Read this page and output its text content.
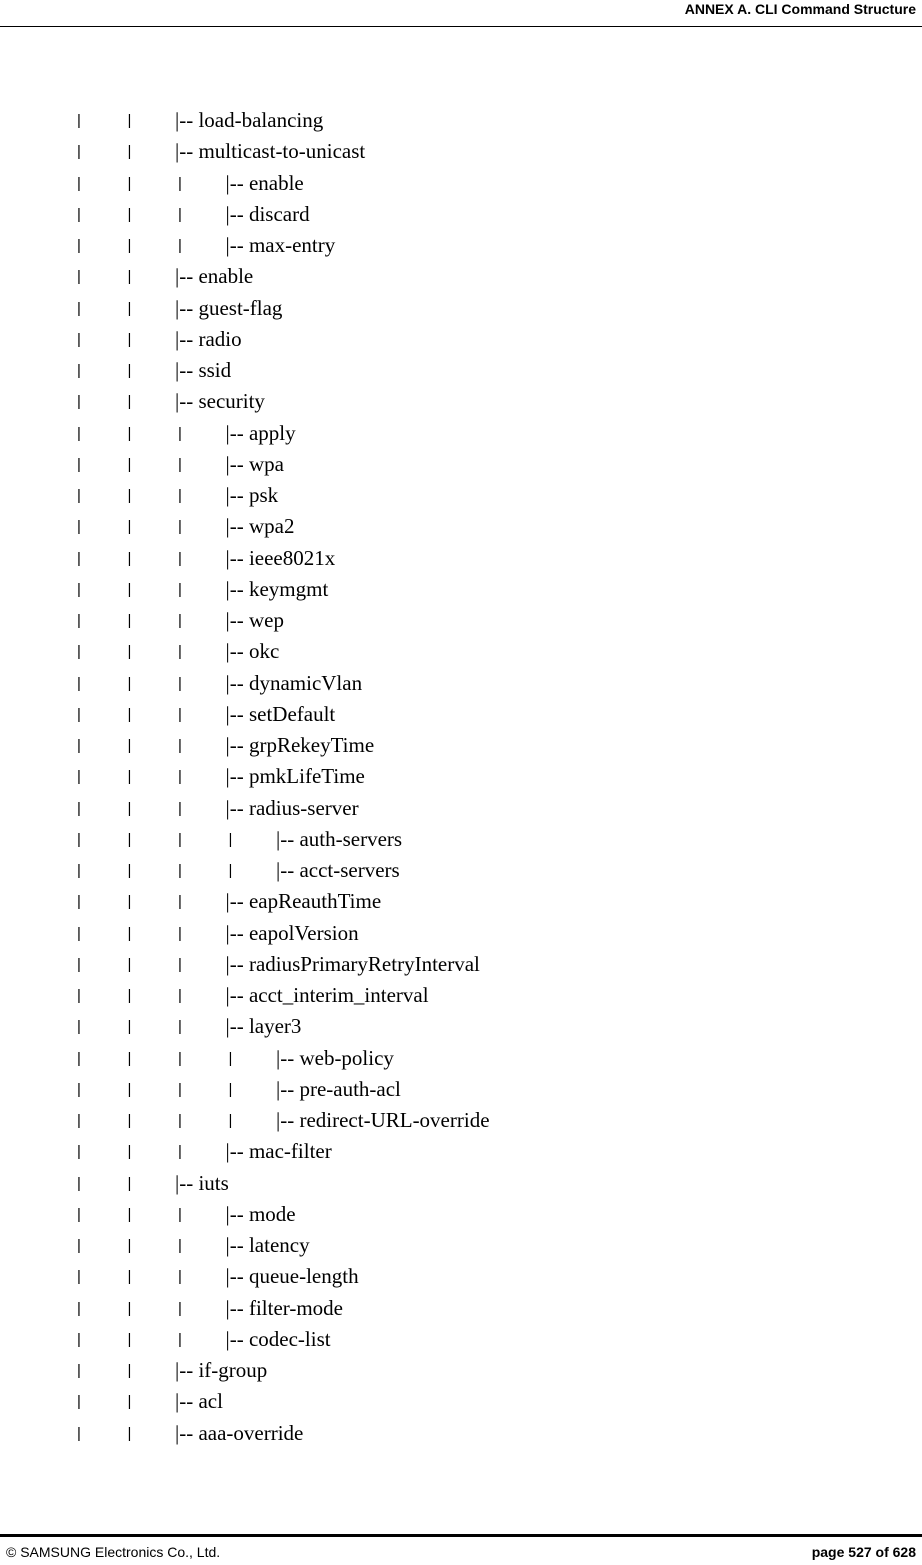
ANNEX A. CLI Command Structure
|	| |-- load-balancing
|	| |-- multicast-to-unicast
|	|	| |-- enable
|	|	| |-- discard
|	|	| |-- max-entry
|	| |-- enable
|	| |-- guest-flag
|	| |-- radio
|	| |-- ssid
|	| |-- security
|	|	| |-- apply
|	|	| |-- wpa
|	|	| |-- psk
|	|	| |-- wpa2
|	|	| |-- ieee8021x
|	|	| |-- keymgmt
|	|	| |-- wep
|	|	| |-- okc
|	|	| |-- dynamicVlan
|	|	| |-- setDefault
|	|	| |-- grpRekeyTime
|	|	| |-- pmkLifeTime
|	|	| |-- radius-server
|	|	|	| |-- auth-servers
|	|	|	| |-- acct-servers
|	|	| |-- eapReauthTime
|	|	| |-- eapolVersion
|	|	| |-- radiusPrimaryRetryInterval
|	|	| |-- acct_interim_interval
|	|	| |-- layer3
|	|	|	| |-- web-policy
|	|	|	| |-- pre-auth-acl
|	|	|	| |-- redirect-URL-override
|	|	| |-- mac-filter
|	| |-- iuts
|	|	| |-- mode
|	|	| |-- latency
|	|	| |-- queue-length
|	|	| |-- filter-mode
|	|	| |-- codec-list
|	| |-- if-group
|	| |-- acl
|	| |-- aaa-override
© SAMSUNG Electronics Co., Ltd.	page 527 of 628
